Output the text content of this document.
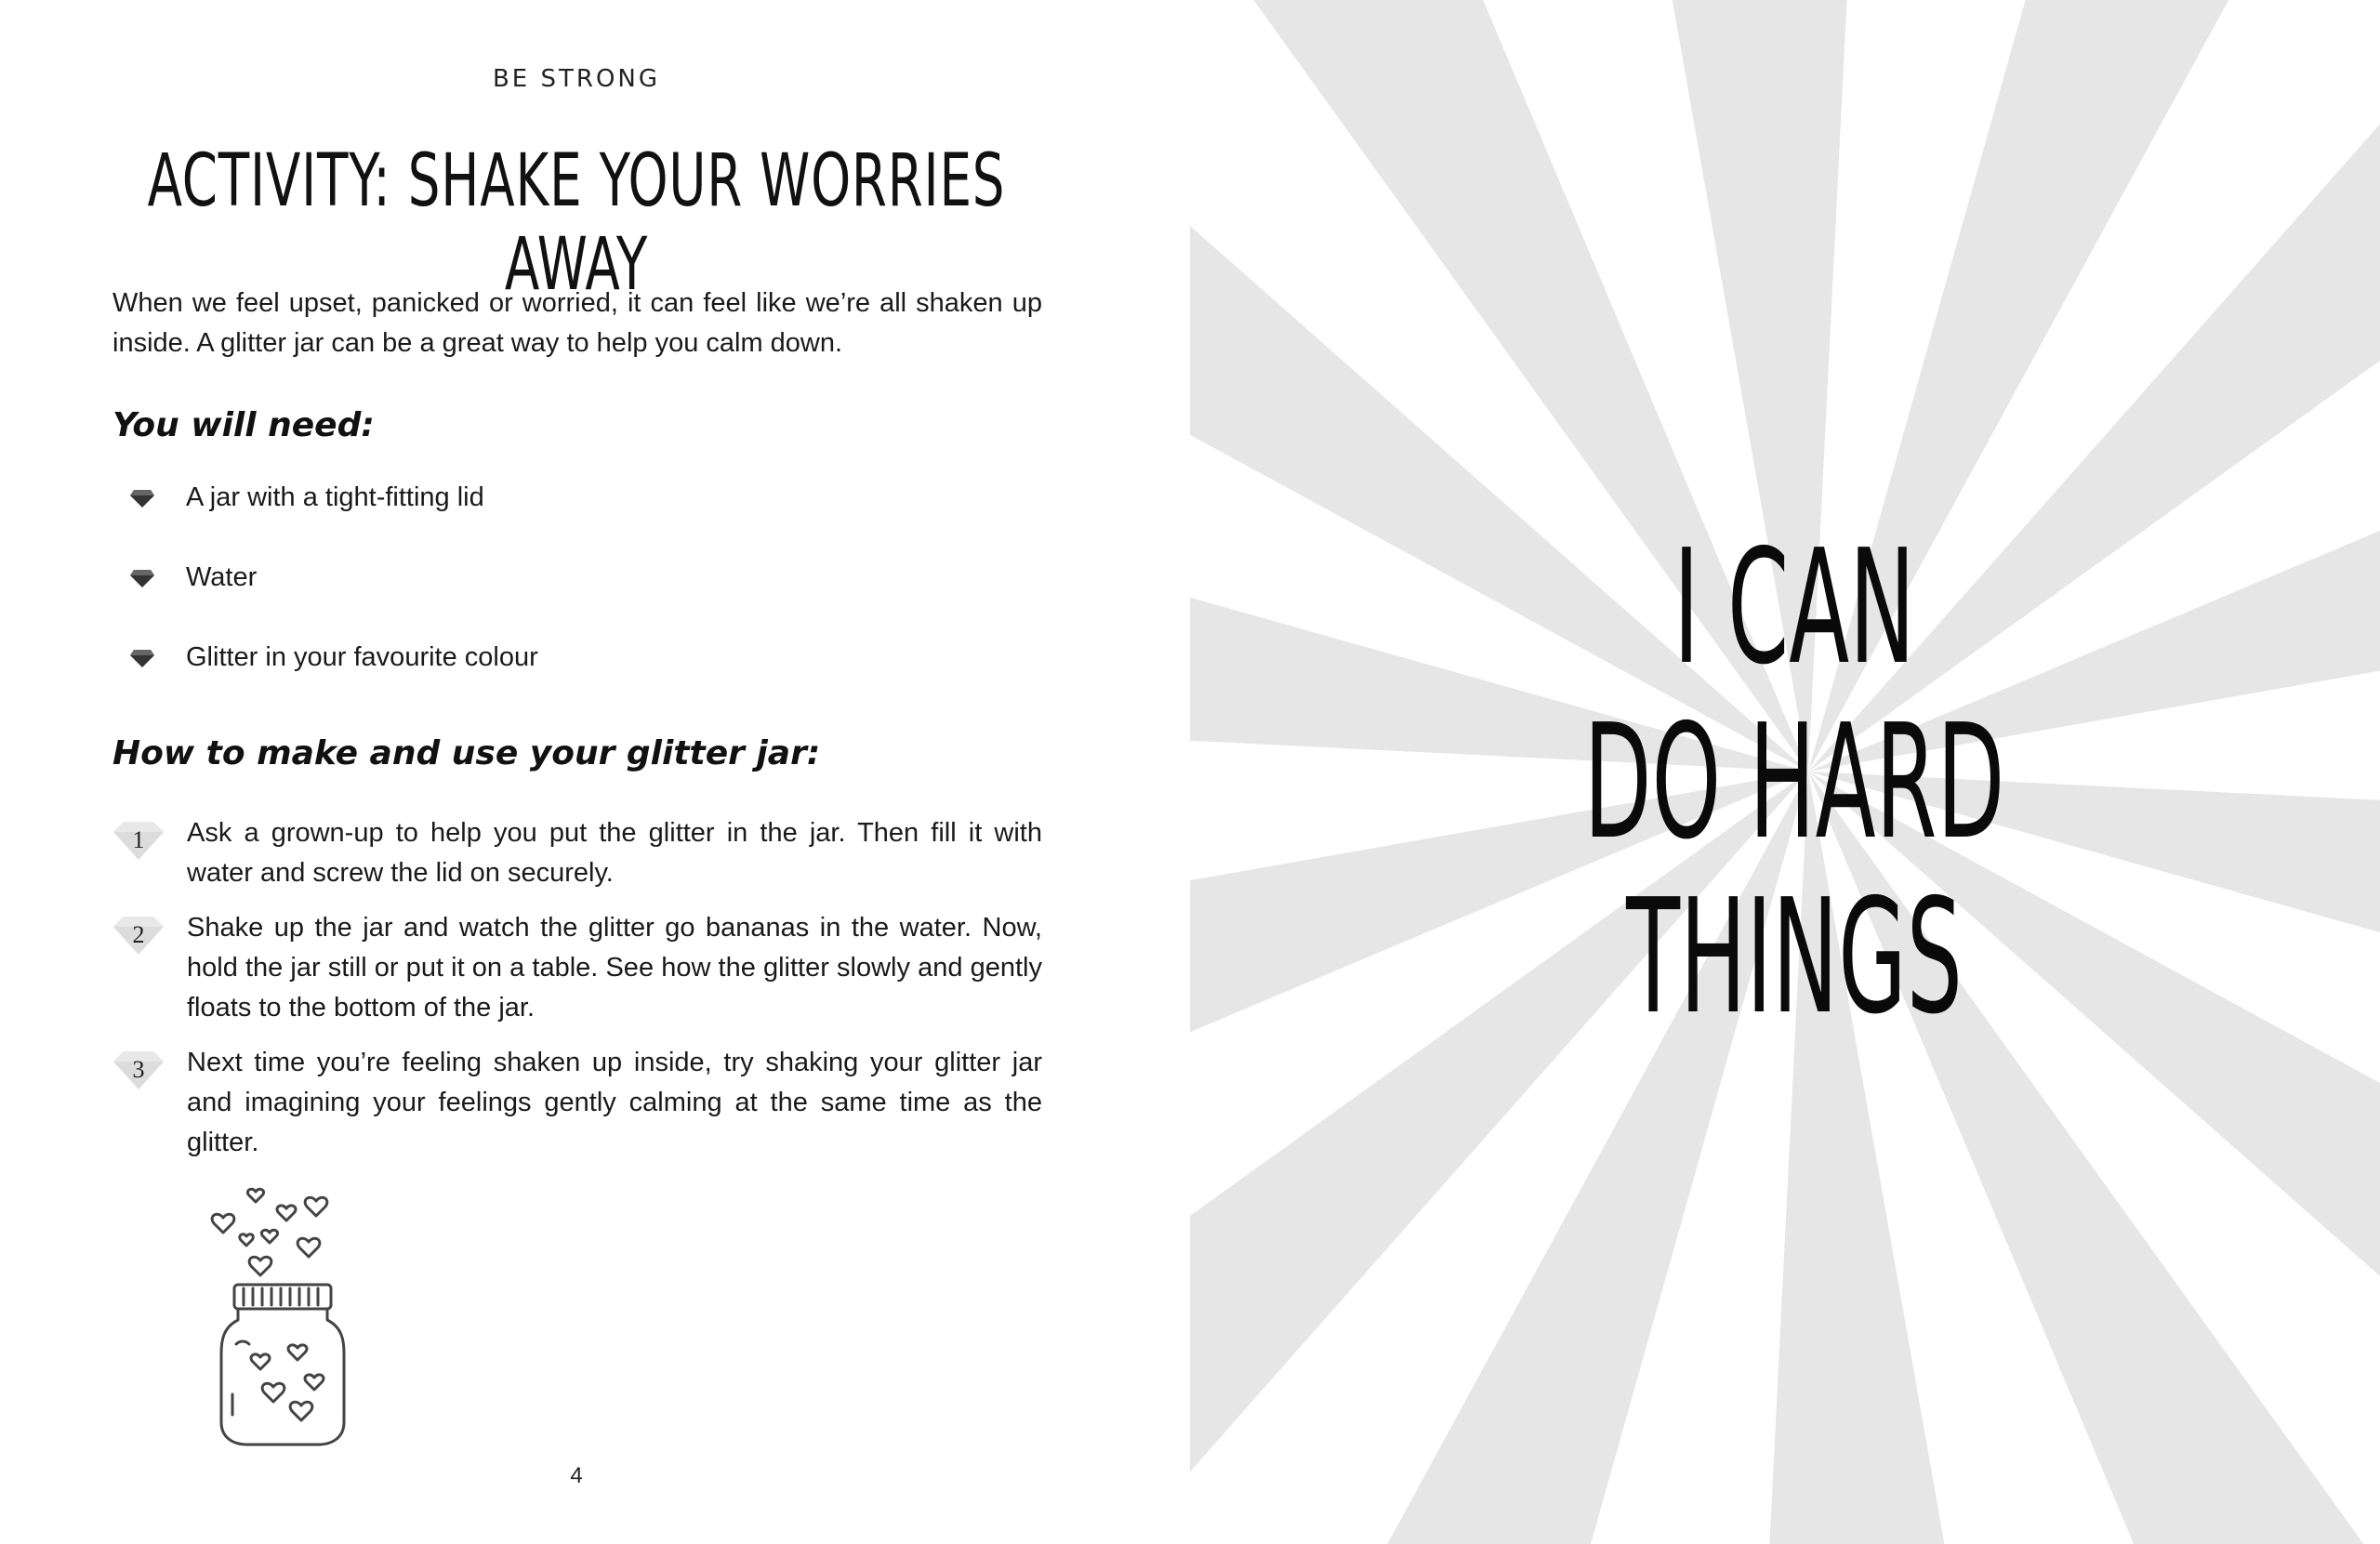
BE STRONG
ACTIVITY: SHAKE YOUR WORRIES AWAY

When we feel upset, panicked or worried, it can feel like we’re all shaken up inside. A glitter jar can be a great way to help you calm down.

You will need:
A jar with a tight-fitting lid
Water
Glitter in your favourite colour
How to make and use your glitter jar:
1	Ask a grown-up to help you put the glitter in the jar. Then fill it with water and screw the lid on securely.
2	Shake up the jar and watch the glitter go bananas in the water. Now, hold the jar still or put it on a table. See how the glitter slowly and gently floats to the bottom of the jar.
3	Next time you’re feeling shaken up inside, try shaking your glitter jar and imagining your feelings gently calming at the same time as the glitter.
4
I CAN
DO HARD
THINGS
